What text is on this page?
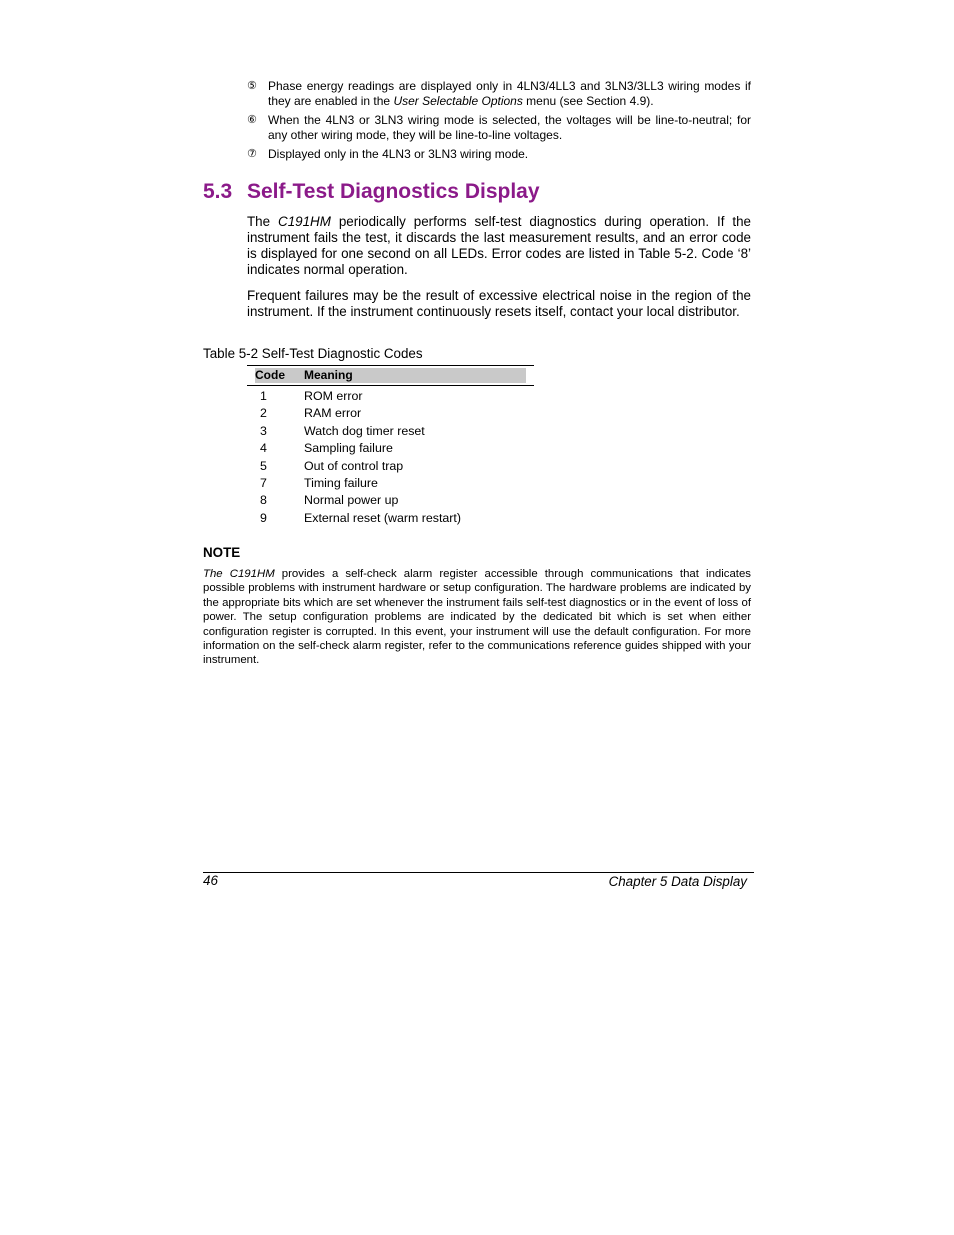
⑤ Phase energy readings are displayed only in 4LN3/4LL3 and 3LN3/3LL3 wiring modes if they are enabled in the User Selectable Options menu (see Section 4.9).
⑥ When the 4LN3 or 3LN3 wiring mode is selected, the voltages will be line-to-neutral; for any other wiring mode, they will be line-to-line voltages.
⑦ Displayed only in the 4LN3 or 3LN3 wiring mode.
5.3 Self-Test Diagnostics Display

The C191HM periodically performs self-test diagnostics during operation. If the instrument fails the test, it discards the last measurement results, and an error code is displayed for one second on all LEDs. Error codes are listed in Table 5-2. Code ‘8’ indicates normal operation.

Frequent failures may be the result of excessive electrical noise in the region of the instrument. If the instrument continuously resets itself, contact your local distributor.

Table 5-2 Self-Test Diagnostic Codes
Code Meaning
1	ROM error
2	RAM error
3	Watch dog timer reset
4	Sampling failure
5	Out of control trap
7	Timing failure
8	Normal power up
9	External reset (warm restart)
NOTE

The C191HM provides a self-check alarm register accessible through communications that indicates possible problems with instrument hardware or setup configuration. The hardware problems are indicated by the appropriate bits which are set whenever the instrument fails self-test diagnostics or in the event of loss of power. The setup configuration problems are indicated by the dedicated bit which is set when either configuration register is corrupted. In this event, your instrument will use the default configuration. For more information on the self-check alarm register, refer to the communications reference guides shipped with your instrument.

46	Chapter 5 Data Display
